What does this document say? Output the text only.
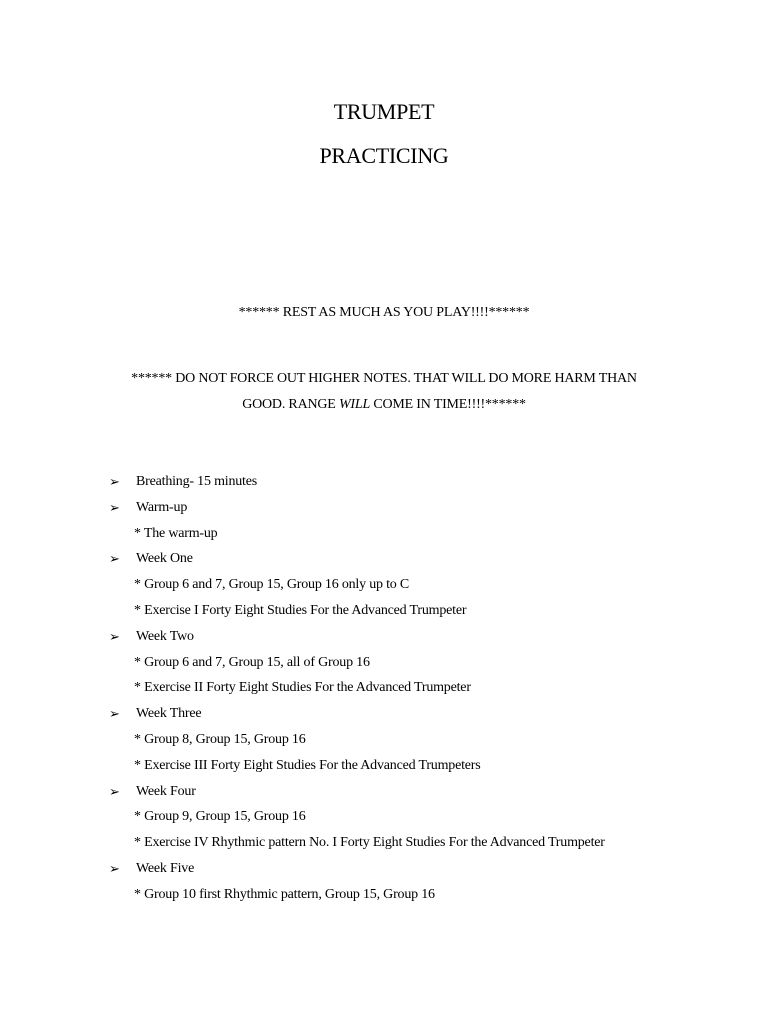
TRUMPET
PRACTICING
****** REST AS MUCH AS YOU PLAY!!!!******
****** DO NOT FORCE OUT HIGHER NOTES. THAT WILL DO MORE HARM THAN
GOOD. RANGE WILL COME IN TIME!!!!******
➢ Breathing- 15 minutes
➢ Warm-up
* The warm-up
➢ Week One
* Group 6 and 7, Group 15, Group 16 only up to C
* Exercise I Forty Eight Studies For the Advanced Trumpeter
➢ Week Two
* Group 6 and 7, Group 15, all of Group 16
* Exercise II Forty Eight Studies For the Advanced Trumpeter
➢ Week Three
* Group 8, Group 15, Group 16
* Exercise III Forty Eight Studies For the Advanced Trumpeters
➢ Week Four
* Group 9, Group 15, Group 16
* Exercise IV Rhythmic pattern No. I Forty Eight Studies For the Advanced Trumpeter
➢ Week Five
* Group 10 first Rhythmic pattern, Group 15, Group 16
